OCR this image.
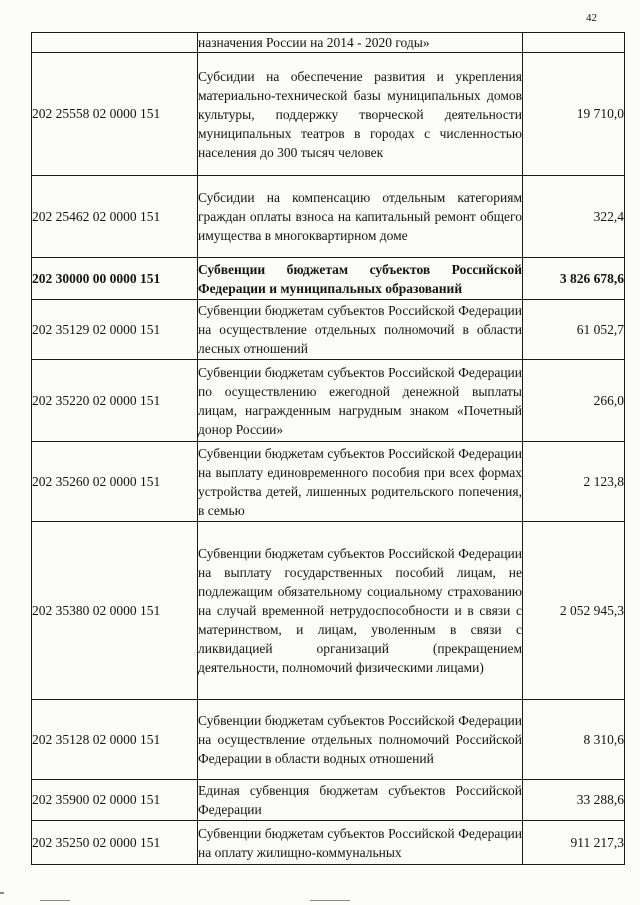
42
	назначения России на 2014 - 2020 годы»	
202 25558 02 0000 151	Субсидии на обеспечение развития и укрепления материально-технической базы муниципальных домов культуры, поддержку творческой деятельности муниципальных театров в городах с численностью населения до 300 тысяч человек	19 710,0
202 25462 02 0000 151	Субсидии на компенсацию отдельным категориям граждан оплаты взноса на капитальный ремонт общего имущества в многоквартирном доме	322,4
202 30000 00 0000 151	Субвенции бюджетам субъектов Российской Федерации и муниципальных образований	3 826 678,6
202 35129 02 0000 151	Субвенции бюджетам субъектов Российской Федерации на осуществление отдельных полномочий в области лесных отношений	61 052,7
202 35220 02 0000 151	Субвенции бюджетам субъектов Российской Федерации по осуществлению ежегодной денежной выплаты лицам, награжденным нагрудным знаком «Почетный донор России»	266,0
202 35260 02 0000 151	Субвенции бюджетам субъектов Российской Федерации на выплату единовременного пособия при всех формах устройства детей, лишенных родительского попечения, в семью	2 123,8
202 35380 02 0000 151	Субвенции бюджетам субъектов Российской Федерации на выплату государственных пособий лицам, не подлежащим обязательному социальному страхованию на случай временной нетрудоспособности и в связи с материнством, и лицам, уволенным в связи с ликвидацией организаций (прекращением деятельности, полномочий физическими лицами)	2 052 945,3
202 35128 02 0000 151	Субвенции бюджетам субъектов Российской Федерации на осуществление отдельных полномочий Российской Федерации в области водных отношений	8 310,6
202 35900 02 0000 151	Единая субвенция бюджетам субъектов Российской Федерации	33 288,6
202 35250 02 0000 151	Субвенции бюджетам субъектов Российской Федерации на оплату жилищно-коммунальных	911 217,3
